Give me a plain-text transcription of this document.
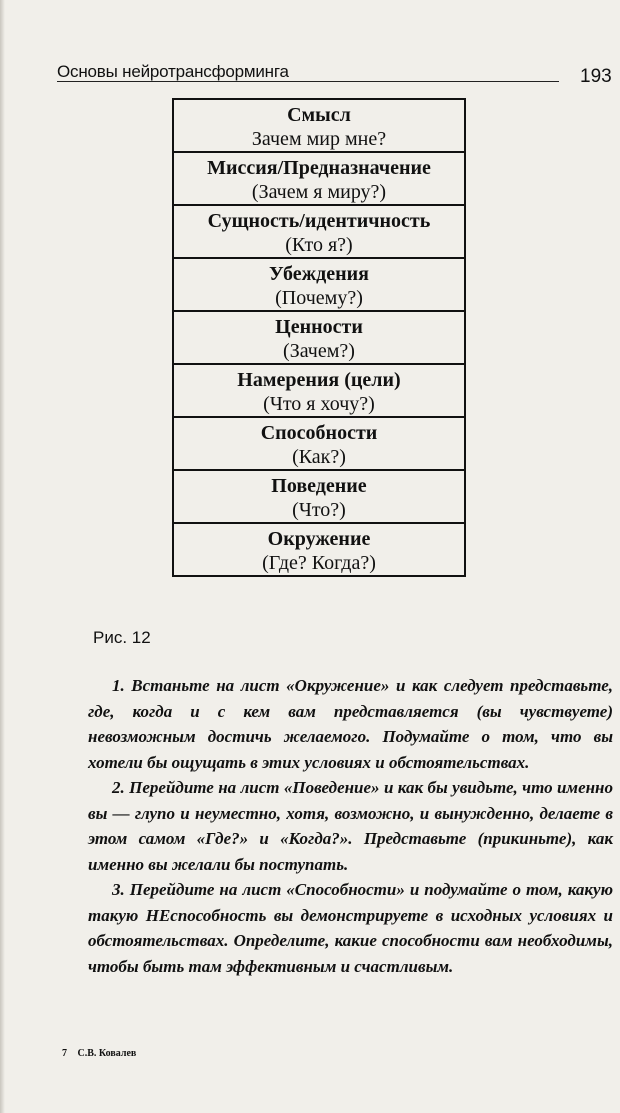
Основы нейротрансформинга	193
Смысл
Зачем мир мне?
Миссия/Предназначение
(Зачем я миру?)
Сущность/идентичность
(Кто я?)
Убеждения
(Почему?)
Ценности
(Зачем?)
Намерения (цели)
(Что я хочу?)
Способности
(Как?)
Поведение
(Что?)
Окружение
(Где? Когда?)
Рис. 12

1. Встаньте на лист «Окружение» и как следует представьте, где, когда и с кем вам представляется (вы чувствуете) невозможным достичь желаемого. Подумайте о том, что вы хотели бы ощущать в этих условиях и обстоятельствах.

2. Перейдите на лист «Поведение» и как бы увидьте, что именно вы — глупо и неуместно, хотя, возможно, и вынужденно, делаете в этом самом «Где?» и «Когда?». Представьте (прикиньте), как именно вы желали бы поступать.

3. Перейдите на лист «Способности» и подумайте о том, какую такую НЕспособность вы демонстрируете в исходных условиях и обстоятельствах. Определите, какие способности вам необходимы, чтобы быть там эффективным и счастливым.

7 С.В. Ковалев
